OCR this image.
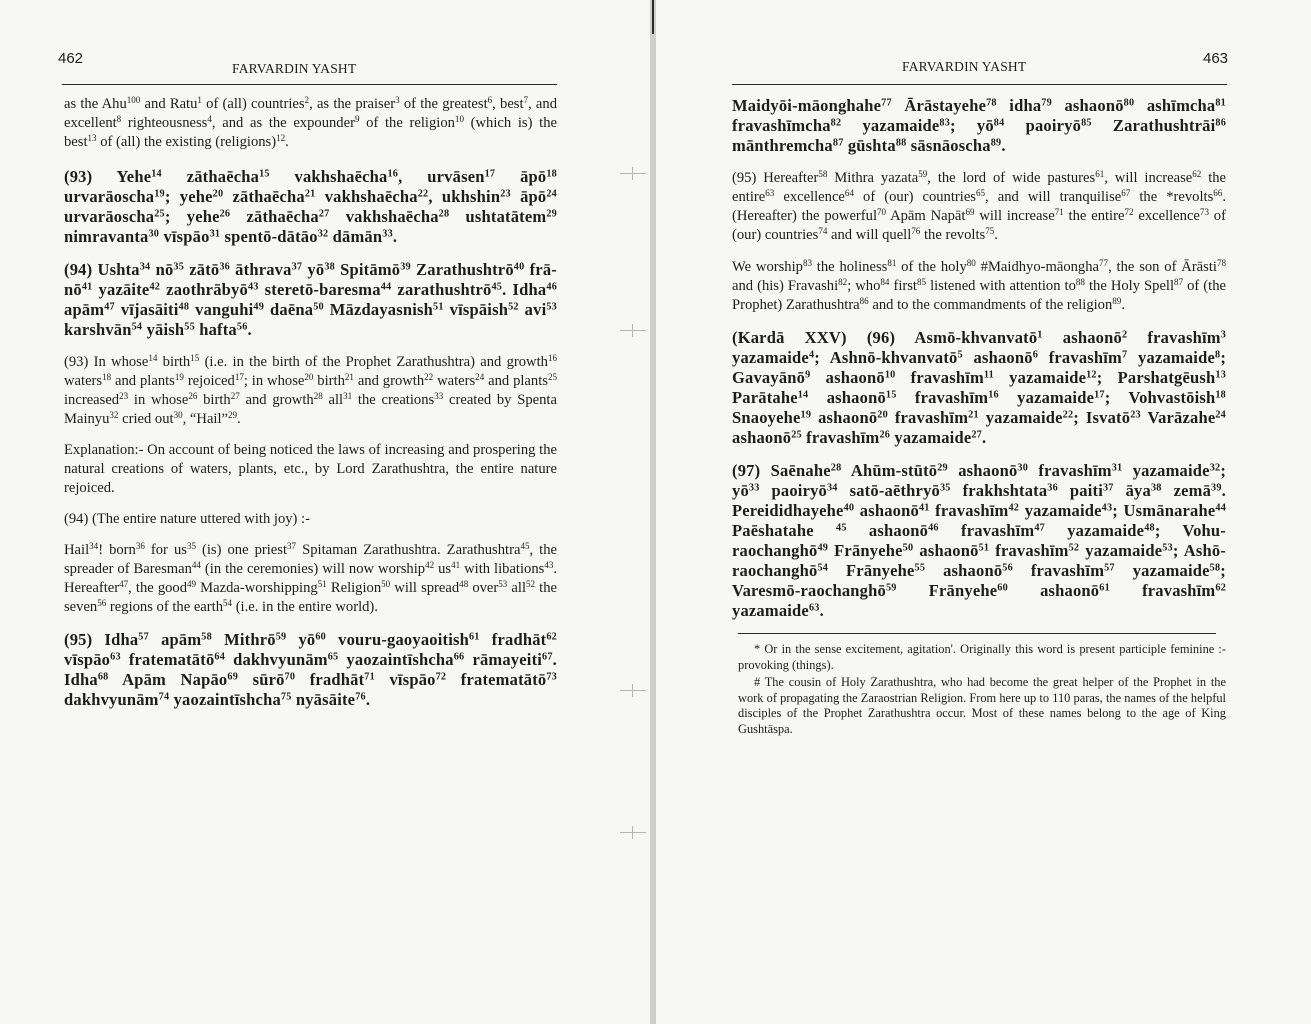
462
FARVARDIN YASHT

as the Ahu$^{100}$ and Ratu$^1$ of (all) countries$^2$, as the praiser$^3$ of the greatest$^6$, best$^7$, and excellent$^8$ righteousness$^4$, and as the expounder$^9$ of the religion$^{10}$ (which is) the best$^{13}$ of (all) the existing (religions)$^{12}$.

(93) Yehe$^{14}$ zāthaēcha$^{15}$ vakhshaēcha$^{16}$, urvāsen$^{17}$ āpō$^{18}$ urvarāoscha$^{19}$; yehe$^{20}$ zāthaēcha$^{21}$ vakhshaēcha$^{22}$, ukhshin$^{23}$ āpō$^{24}$ urvarāoscha$^{25}$; yehe$^{26}$ zāthaēcha$^{27}$ vakhshaēcha$^{28}$ ushtatātem$^{29}$ nimravanta$^{30}$ vīspāo$^{31}$ spentō-dātāo$^{32}$ dāmān$^{33}$.

(94) Ushta$^{34}$ $nō^{35}$ zātō$^{36}$ āthrava$^{37}$ $yō^{38}$ Spitāmō$^{39}$ Zarathushtrō$^{40}$ frā-$nō^{41}$ yazāite$^{42}$ zaothrābyō$^{43}$ steretō-baresma$^{44}$ zarathushtrō$^{45}$. Idha$^{46}$ apām$^{47}$ vījasāiti$^{48}$ vanguhi$^{49}$ daēna$^{50}$ Māzdayasnish$^{51}$ vīspāish$^{52}$ avi$^{53}$ karshvān$^{54}$ yāish$^{55}$ hafta$^{56}$.

(93) In whose$^{14}$ birth$^{15}$ (i.e. in the birth of the Prophet Zarathushtra) and growth$^{16}$ waters$^{18}$ and plants$^{19}$ rejoiced$^{17}$; in whose$^{20}$ birth$^{21}$ and growth$^{22}$ waters$^{24}$ and plants$^{25}$ increased$^{23}$ in whose$^{26}$ birth$^{27}$ and growth$^{28}$ all$^{31}$ the creations$^{33}$ created by Spenta Mainyu$^{32}$ cried out$^{30}$, “Hail”$^{29}$.

Explanation:- On account of being noticed the laws of increasing and prospering the natural creations of waters, plants, etc., by Lord Zarathushtra, the entire nature rejoiced.

(94) (The entire nature uttered with joy) :-

Hail$^{34}$! born$^{36}$ for $us^{35}$ (is) one priest$^{37}$ Spitaman Zarathushtra. Zarathushtra$^{45}$, the spreader of Baresman$^{44}$ (in the ceremonies) will now worship$^{42}$ $us^{41}$ with libations$^{43}$. Hereafter$^{47}$, the good$^{49}$ Mazda-worshipping$^{51}$ Religion$^{50}$ will spread$^{48}$ over$^{53}$ all$^{52}$ the seven$^{56}$ regions of the earth$^{54}$ (i.e. in the entire world).

(95) Idha$^{57}$ apām$^{58}$ Mithrō$^{59}$ $yō^{60}$ vouru-gaoyaoitish$^{61}$ fradhāt$^{62}$ vīspāo$^{63}$ fratematātō$^{64}$ dakhvyunām$^{65}$ yaozaintīshcha$^{66}$ rāmayeiti$^{67}$. Idha$^{68}$ Apām Napāo$^{69}$ sūrō$^{70}$ fradhāt$^{71}$ vīspāo$^{72}$ fratematātō$^{73}$ dakhvyunām$^{74}$ yaozaintīshcha$^{75}$ nyāsāite$^{76}$.

463
FARVARDIN YASHT

Maidyōi-māonghahe$^{77}$ Ārāstayehe$^{78}$ idha$^{79}$ ashaonō$^{80}$ ashīmcha$^{81}$ fravashīmcha$^{82}$ yazamaide$^{83}$; $yō^{84}$ paoiryō$^{85}$ Zarathushtrāi$^{86}$ mānthremcha$^{87}$ gūshta$^{88}$ sāsnāoscha$^{89}$.

(95) Hereafter$^{58}$ Mithra yazata$^{59}$, the lord of wide pastures$^{61}$, will increase$^{62}$ the entire$^{63}$ excellence$^{64}$ of (our) countries$^{65}$, and will tranquilise$^{67}$ the *revolts$^{66}$. (Hereafter) the powerful$^{70}$ Apām Napāt$^{69}$ will increase$^{71}$ the entire$^{72}$ excellence$^{73}$ of (our) countries$^{74}$ and will quell$^{76}$ the revolts$^{75}$.

We worship$^{83}$ the holiness$^{81}$ of the holy$^{80}$ #Maidhyo-māongha$^{77}$, the son of Ārāsti$^{78}$ and (his) Fravashi$^{82}$; who$^{84}$ first$^{85}$ listened with attention $to^{88}$ the Holy Spell$^{87}$ of (the Prophet) Zarathushtra$^{86}$ and to the commandments of the religion$^{89}$.

(Kardā XXV) (96) Asmō-khvanvatō$^1$ ashaonō$^2$ fravashīm$^3$ yazamaide$^4$; Ashnō-khvanvatō$^5$ ashaonō$^6$ fravashīm$^7$ yazamaide$^8$; Gavayānō$^9$ ashaonō$^{10}$ fravashīm$^{11}$ yazamaide$^{12}$; Parshatgēush$^{13}$ Parātahe$^{14}$ ashaonō$^{15}$ fravashīm$^{16}$ yazamaide$^{17}$; Vohvastōish$^{18}$ Snaoyehe$^{19}$ ashaonō$^{20}$ fravashīm$^{21}$ yazamaide$^{22}$; Isvatō$^{23}$ Varāzahe$^{24}$ ashaonō$^{25}$ fravashīm$^{26}$ yazamaide$^{27}$.

(97) Saēnahe$^{28}$ Ahūm-stūtō$^{29}$ ashaonō$^{30}$ fravashīm$^{31}$ yazamaide$^{32}$; $yō^{33}$ paoiryō$^{34}$ satō-aēthryō$^{35}$ frakhshtata$^{36}$ paiti$^{37}$ āya$^{38}$ zemā$^{39}$. Pereididhayehe$^{40}$ ashaonō$^{41}$ fravashīm$^{42}$ yazamaide$^{43}$; Usmānarahe$^{44}$ Paēshatahe $^{45}$ ashaonō$^{46}$ fravashīm$^{47}$ yazamaide$^{48}$; Vohu-raochanghō$^{49}$ Frānyehe$^{50}$ ashaonō$^{51}$ fravashīm$^{52}$ yazamaide$^{53}$; Ashō-raochanghō$^{54}$ Frānyehe$^{55}$ ashaonō$^{56}$ fravashīm$^{57}$ yazamaide$^{58}$; Varesmō-raochanghō$^{59}$ Frānyehe$^{60}$ ashaonō$^{61}$ fravashīm$^{62}$ yazamaide$^{63}$.

* Or in the sense excitement, agitation'. Originally this word is present participle feminine :- provoking (things).

# The cousin of Holy Zarathushtra, who had become the great helper of the Prophet in the work of propagating the Zaraostrian Religion. From here up to 110 paras, the names of the helpful disciples of the Prophet Zarathushtra occur. Most of these names belong to the age of King Gushtāspa.
